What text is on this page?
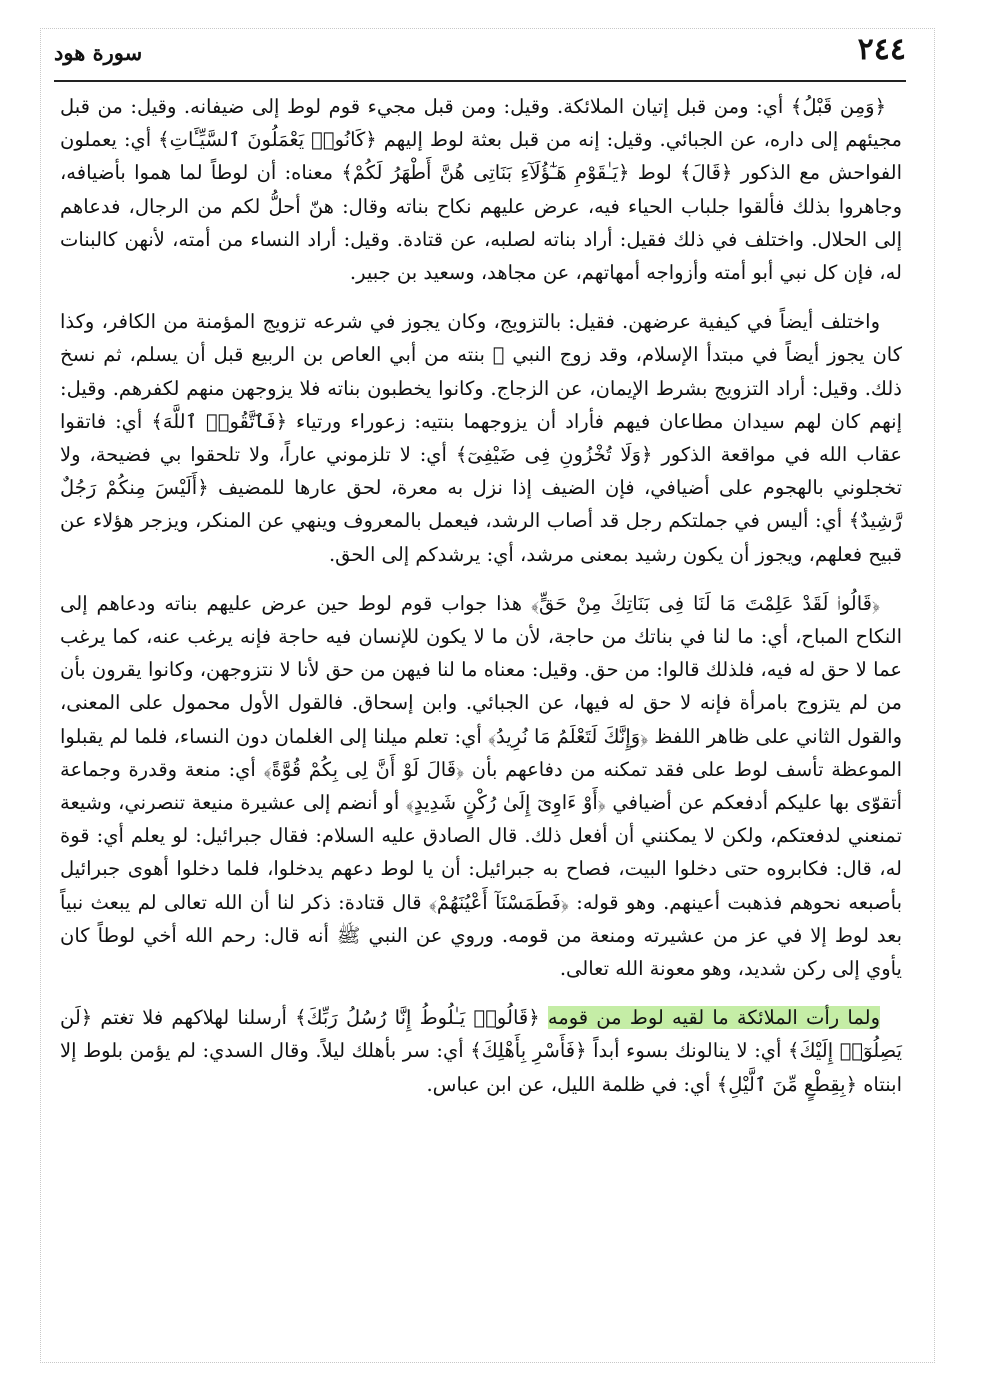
٢٤٤
سورة هود

﴿وَمِن قَبْلُ﴾ أي: ومن قبل إتيان الملائكة. وقيل: ومن قبل مجيء قوم لوط إلى ضيفانه. وقيل: من قبل مجيئهم إلى داره، عن الجبائي. وقيل: إنه من قبل بعثة لوط إليهم ﴿كَانُوا۟ يَعْمَلُونَ ٱلسَّيِّـَٔاتِ﴾ أي: يعملون الفواحش مع الذكور ﴿قَالَ﴾ لوط ﴿يَـٰقَوْمِ هَـٰٓؤُلَآءِ بَنَاتِى هُنَّ أَطْهَرُ لَكُمْ﴾ معناه: أن لوطاً لما هموا بأضيافه، وجاهروا بذلك فألقوا جلباب الحياء فيه، عرض عليهم نكاح بناته وقال: هنّ أحلُّ لكم من الرجال، فدعاهم إلى الحلال. واختلف في ذلك فقيل: أراد بناته لصلبه، عن قتادة. وقيل: أراد النساء من أمته، لأنهن كالبنات له، فإن كل نبي أبو أمته وأزواجه أمهاتهم، عن مجاهد، وسعيد بن جبير.

واختلف أيضاً في كيفية عرضهن. فقيل: بالتزويج، وكان يجوز في شرعه تزويج المؤمنة من الكافر، وكذا كان يجوز أيضاً في مبتدأ الإسلام، وقد زوج النبي ﷺ بنته من أبي العاص بن الربيع قبل أن يسلم، ثم نسخ ذلك. وقيل: أراد التزويج بشرط الإيمان، عن الزجاج. وكانوا يخطبون بناته فلا يزوجهن منهم لكفرهم. وقيل: إنهم كان لهم سيدان مطاعان فيهم فأراد أن يزوجهما بنتيه: زعوراء ورتياء ﴿فَٱتَّقُوا۟ ٱللَّهَ﴾ أي: فاتقوا عقاب الله في مواقعة الذكور ﴿وَلَا تُخْزُونِ فِى ضَيْفِىٓ﴾ أي: لا تلزموني عاراً، ولا تلحقوا بي فضيحة، ولا تخجلوني بالهجوم على أضيافي، فإن الضيف إذا نزل به معرة، لحق عارها للمضيف ﴿أَلَيْسَ مِنكُمْ رَجُلٌ رَّشِيدٌ﴾ أي: أليس في جملتكم رجل قد أصاب الرشد، فيعمل بالمعروف وينهي عن المنكر، ويزجر هؤلاء عن قبيح فعلهم، ويجوز أن يكون رشيد بمعنى مرشد، أي: يرشدكم إلى الحق.

﴿قَالُوا۟ لَقَدْ عَلِمْتَ مَا لَنَا فِى بَنَاتِكَ مِنْ حَقٍّ﴾ هذا جواب قوم لوط حين عرض عليهم بناته ودعاهم إلى النكاح المباح، أي: ما لنا في بناتك من حاجة، لأن ما لا يكون للإنسان فيه حاجة فإنه يرغب عنه، كما يرغب عما لا حق له فيه، فلذلك قالوا: من حق. وقيل: معناه ما لنا فيهن من حق لأنا لا نتزوجهن، وكانوا يقرون بأن من لم يتزوج بامرأة فإنه لا حق له فيها، عن الجبائي. وابن إسحاق. فالقول الأول محمول على المعنى، والقول الثاني على ظاهر اللفظ ﴿وَإِنَّكَ لَتَعْلَمُ مَا نُرِيدُ﴾ أي: تعلم ميلنا إلى الغلمان دون النساء، فلما لم يقبلوا الموعظة تأسف لوط على فقد تمكنه من دفاعهم بأن ﴿قَالَ لَوْ أَنَّ لِى بِكُمْ قُوَّةً﴾ أي: منعة وقدرة وجماعة أتقوّى بها عليكم أدفعكم عن أضيافي ﴿أَوْ ءَاوِىٓ إِلَىٰ رُكْنٍ شَدِيدٍ﴾ أو أنضم إلى عشيرة منيعة تنصرني، وشيعة تمنعني لدفعتكم، ولكن لا يمكنني أن أفعل ذلك. قال الصادق عليه السلام: فقال جبرائيل: لو يعلم أي: قوة له، قال: فكابروه حتى دخلوا البيت، فصاح به جبرائيل: أن يا لوط دعهم يدخلوا، فلما دخلوا أهوى جبرائيل بأصبعه نحوهم فذهبت أعينهم. وهو قوله: ﴿فَطَمَسْنَآ أَعْيُنَهُمْ﴾ قال قتادة: ذكر لنا أن الله تعالى لم يبعث نبياً بعد لوط إلا في عز من عشيرته ومنعة من قومه. وروي عن النبي ﷺ أنه قال: رحم الله أخي لوطاً كان يأوي إلى ركن شديد، وهو معونة الله تعالى.

ولما رأت الملائكة ما لقيه لوط من قومه ﴿قَالُوا۟ يَـٰلُوطُ إِنَّا رُسُلُ رَبِّكَ﴾ أرسلنا لهلاكهم فلا تغتم ﴿لَن يَصِلُوٓا۟ إِلَيْكَ﴾ أي: لا ينالونك بسوء أبداً ﴿فَأَسْرِ بِأَهْلِكَ﴾ أي: سر بأهلك ليلاً. وقال السدي: لم يؤمن بلوط إلا ابنتاه ﴿بِقِطْعٍ مِّنَ ٱلَّيْلِ﴾ أي: في ظلمة الليل، عن ابن عباس.
